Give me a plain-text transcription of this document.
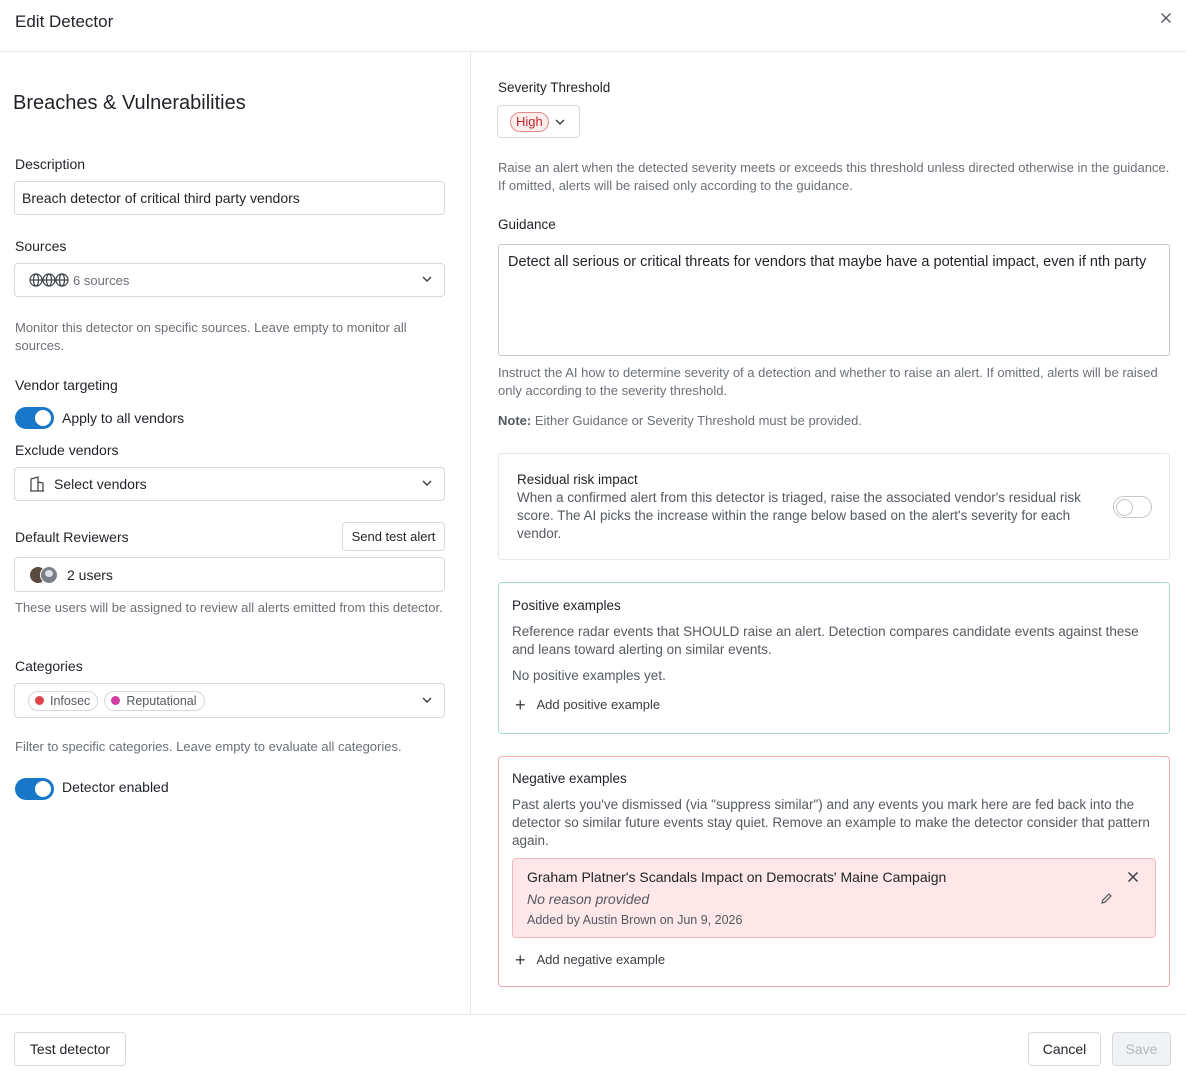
Edit Detector
Breaches & Vulnerabilities
Description
Breach detector of critical third party vendors
Sources
6 sources
Monitor this detector on specific sources. Leave empty to monitor all sources.
Vendor targeting
Apply to all vendors
Exclude vendors
Select vendors
Default Reviewers	Send test alert
2 users
These users will be assigned to review all alerts emitted from this detector.
Categories
Infosec	Reputational
Filter to specific categories. Leave empty to evaluate all categories.
Detector enabled
Severity Threshold
High
Raise an alert when the detected severity meets or exceeds this threshold unless directed otherwise in the guidance. If omitted, alerts will be raised only according to the guidance.
Guidance
Detect all serious or critical threats for vendors that maybe have a potential impact, even if nth party
Instruct the AI how to determine severity of a detection and whether to raise an alert. If omitted, alerts will be raised only according to the severity threshold.
Note: Either Guidance or Severity Threshold must be provided.
Residual risk impact
When a confirmed alert from this detector is triaged, raise the associated vendor's residual risk score. The AI picks the increase within the range below based on the alert's severity for each vendor.
Positive examples
Reference radar events that SHOULD raise an alert. Detection compares candidate events against these and leans toward alerting on similar events.
No positive examples yet.
+ Add positive example
Negative examples
Past alerts you've dismissed (via "suppress similar") and any events you mark here are fed back into the detector so similar future events stay quiet. Remove an example to make the detector consider that pattern again.
Graham Platner's Scandals Impact on Democrats' Maine Campaign
No reason provided
Added by Austin Brown on Jun 9, 2026
+ Add negative example
Test detector	Cancel	Save
